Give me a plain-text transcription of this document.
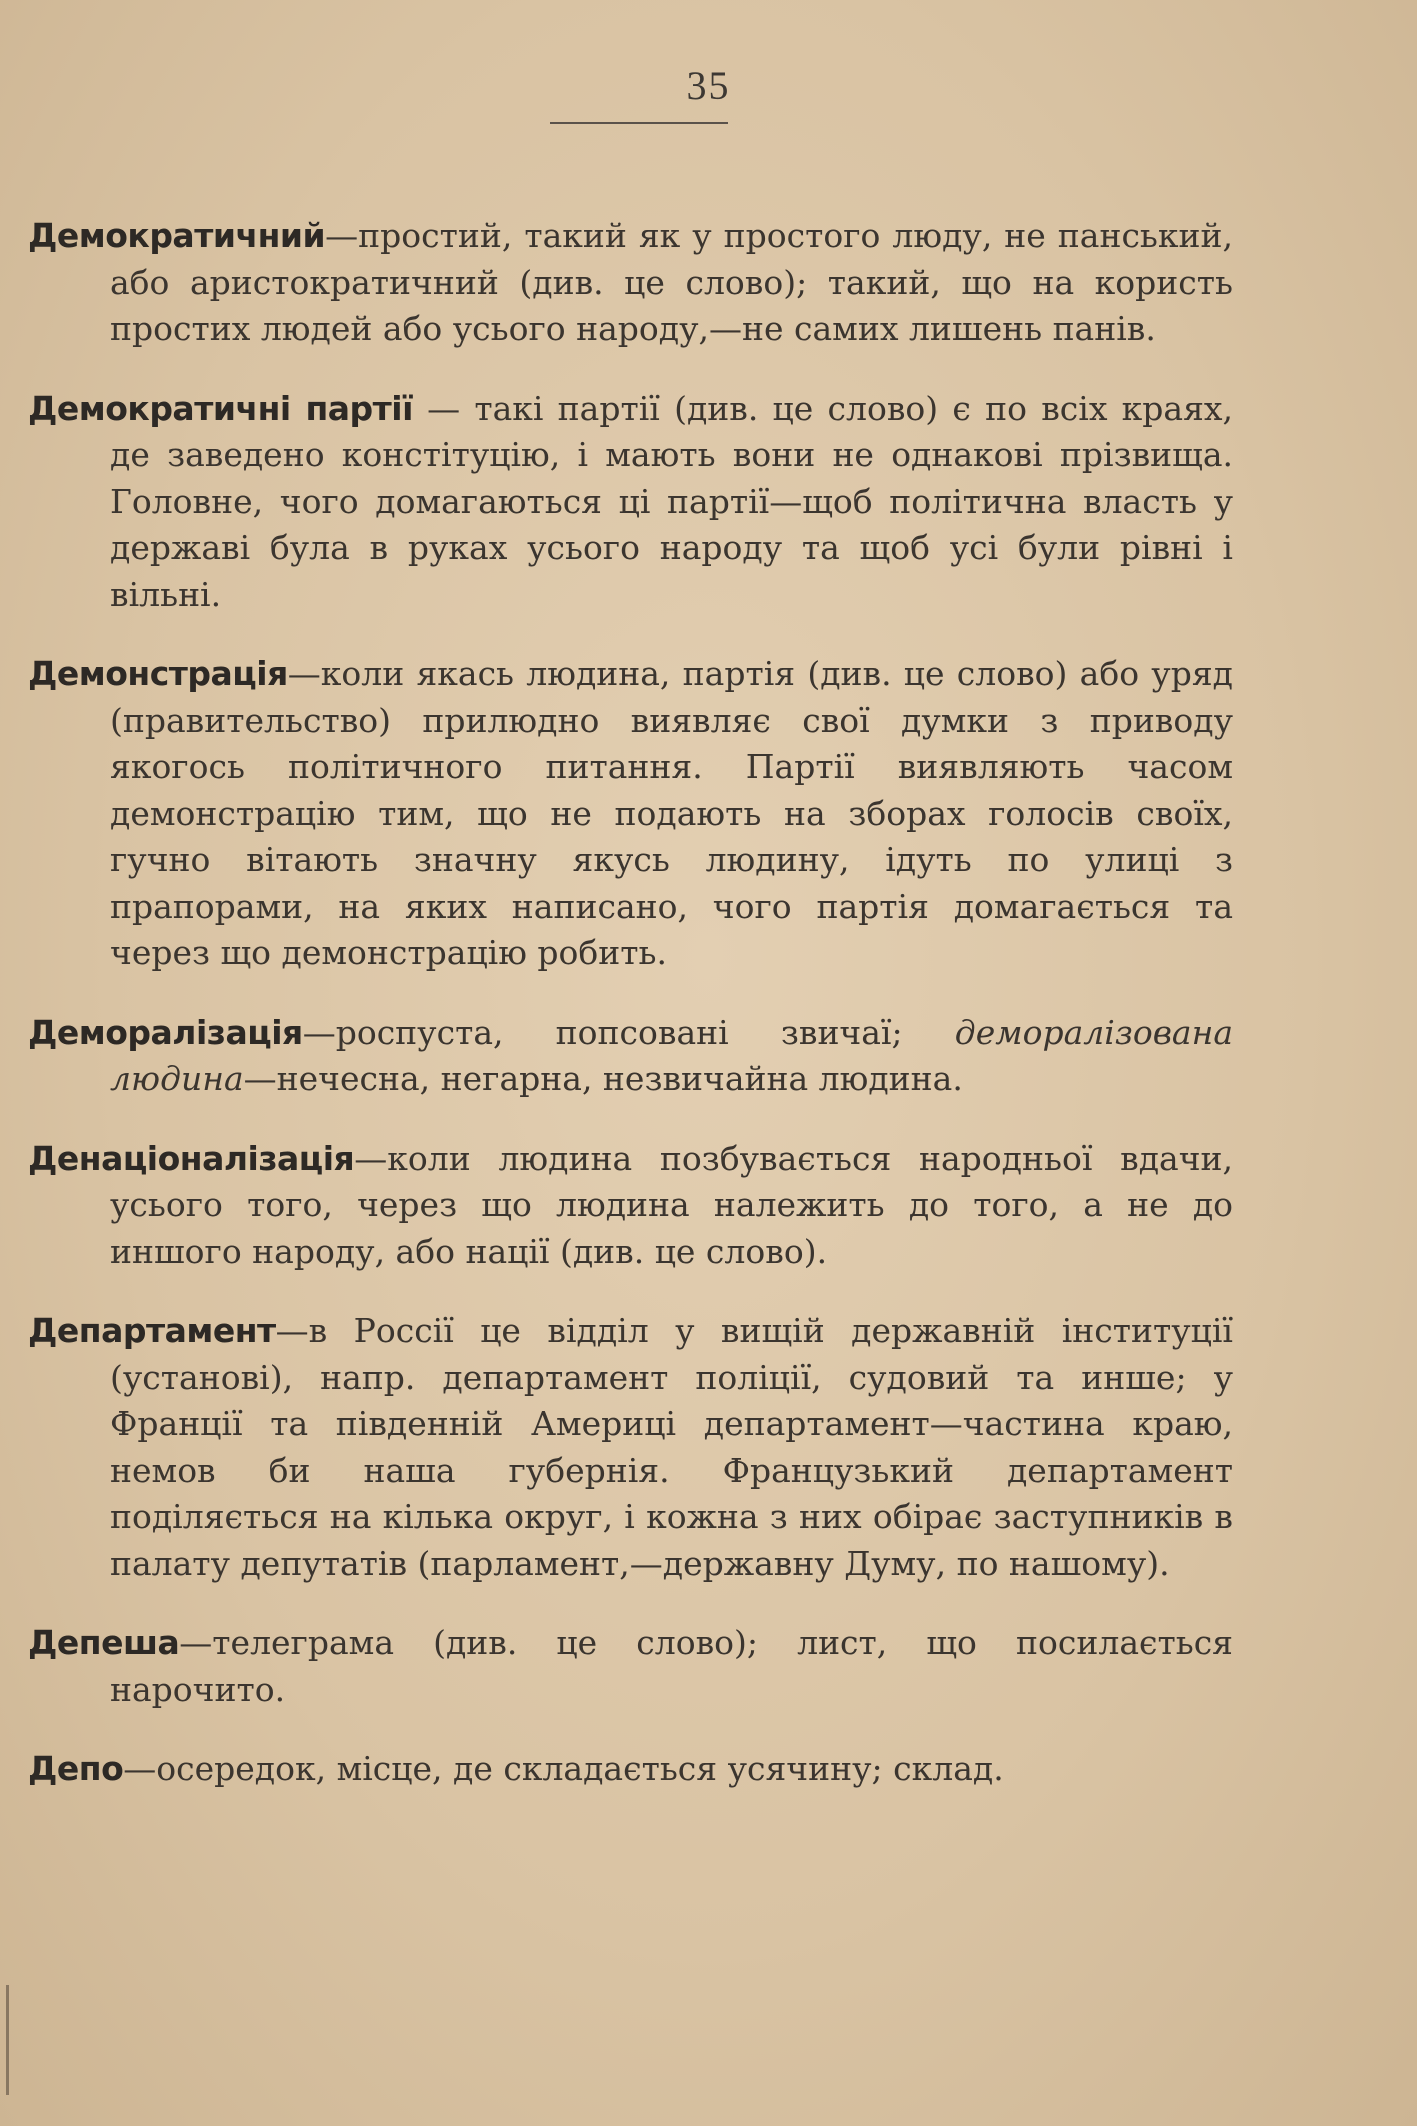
35

Демократичний—простий, такий як у простого люду, не панський, або аристократичний (див. це слово); такий, що на користь простих людей або усього народу,—не самих лишень панів.

Демократичні партії — такі партії (див. це слово) є по всіх краях, де заведено констітуцію, і мають вони не однакові прізвища. Головне, чого домагаються ці партії—щоб політична власть у державі була в руках усього народу та щоб усі були рівні і вільні.

Демонстрація—коли якась людина, партія (див. це слово) або уряд (правительство) прилюдно виявляє свої думки з приводу якогось політичного питання. Партії виявляють часом демонстрацію тим, що не подають на зборах голосів своїх, гучно вітають значну якусь людину, ідуть по улиці з прапорами, на яких написано, чого партія домагається та через що демонстрацію робить.

Деморалізація—роспуста, попсовані звичаї; деморалізована людина—нечесна, негарна, незвичайна людина.

Денаціоналізація—коли людина позбувається народньої вдачи, усього того, через що людина належить до того, а не до иншого народу, або нації (див. це слово).

Департамент—в Россії це відділ у вищій державній інституції (установі), напр. департамент поліції, судовий та инше; у Франції та південній Америці департамент—частина краю, немов би наша губернія. Французький департамент поділяється на кілька округ, і кожна з них обірає заступників в палату депутатів (парламент,—державну Думу, по нашому).

Депеша—телеграма (див. це слово); лист, що посилається нарочито.

Депо—осередок, місце, де складається усячину; склад.
